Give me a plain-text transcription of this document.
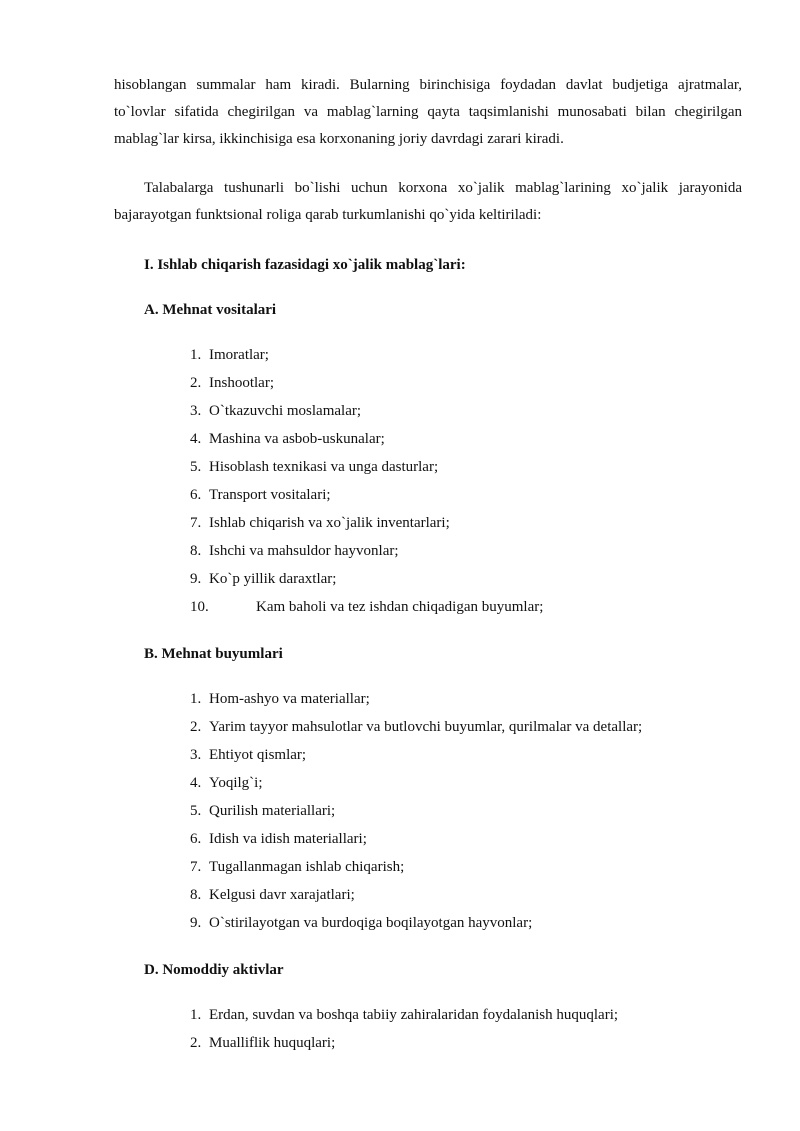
hisoblangan summalar ham kiradi. Bularning birinchisiga foydadan davlat budjetiga ajratmalar, to`lovlar sifatida chegirilgan va mablag`larning qayta taqsimlanishi munosabati bilan chegirilgan mablag`lar kirsa, ikkinchisiga esa korxonaning joriy davrdagi zarari kiradi.

Talabalarga tushunarli bo`lishi uchun korxona xo`jalik mablag`larining xo`jalik jarayonida bajarayotgan funktsional roliga qarab turkumlanishi qo`yida keltiriladi:

I. Ishlab chiqarish fazasidagi xo`jalik mablag`lari:

A. Mehnat vositalari

1. Imoratlar;
2. Inshootlar;
3. O`tkazuvchi moslamalar;
4. Mashina va asbob-uskunalar;
5. Hisoblash texnikasi va unga dasturlar;
6. Transport vositalari;
7. Ishlab chiqarish va xo`jalik inventarlari;
8. Ishchi va mahsuldor hayvonlar;
9. Ko`p yillik daraxtlar;
10.	Kam baholi va tez ishdan chiqadigan buyumlar;

B. Mehnat buyumlari

1. Hom-ashyo va materiallar;
2. Yarim tayyor mahsulotlar va butlovchi buyumlar, qurilmalar va detallar;
3. Ehtiyot qismlar;
4. Yoqilg`i;
5. Qurilish materiallari;
6. Idish va idish materiallari;
7. Tugallanmagan ishlab chiqarish;
8. Kelgusi davr xarajatlari;
9. O`stirilayotgan va burdoqiga boqilayotgan hayvonlar;

D. Nomoddiy aktivlar

1. Erdan, suvdan va boshqa tabiiy zahiralaridan foydalanish huquqlari;
2. Mualliflik huquqlari;
